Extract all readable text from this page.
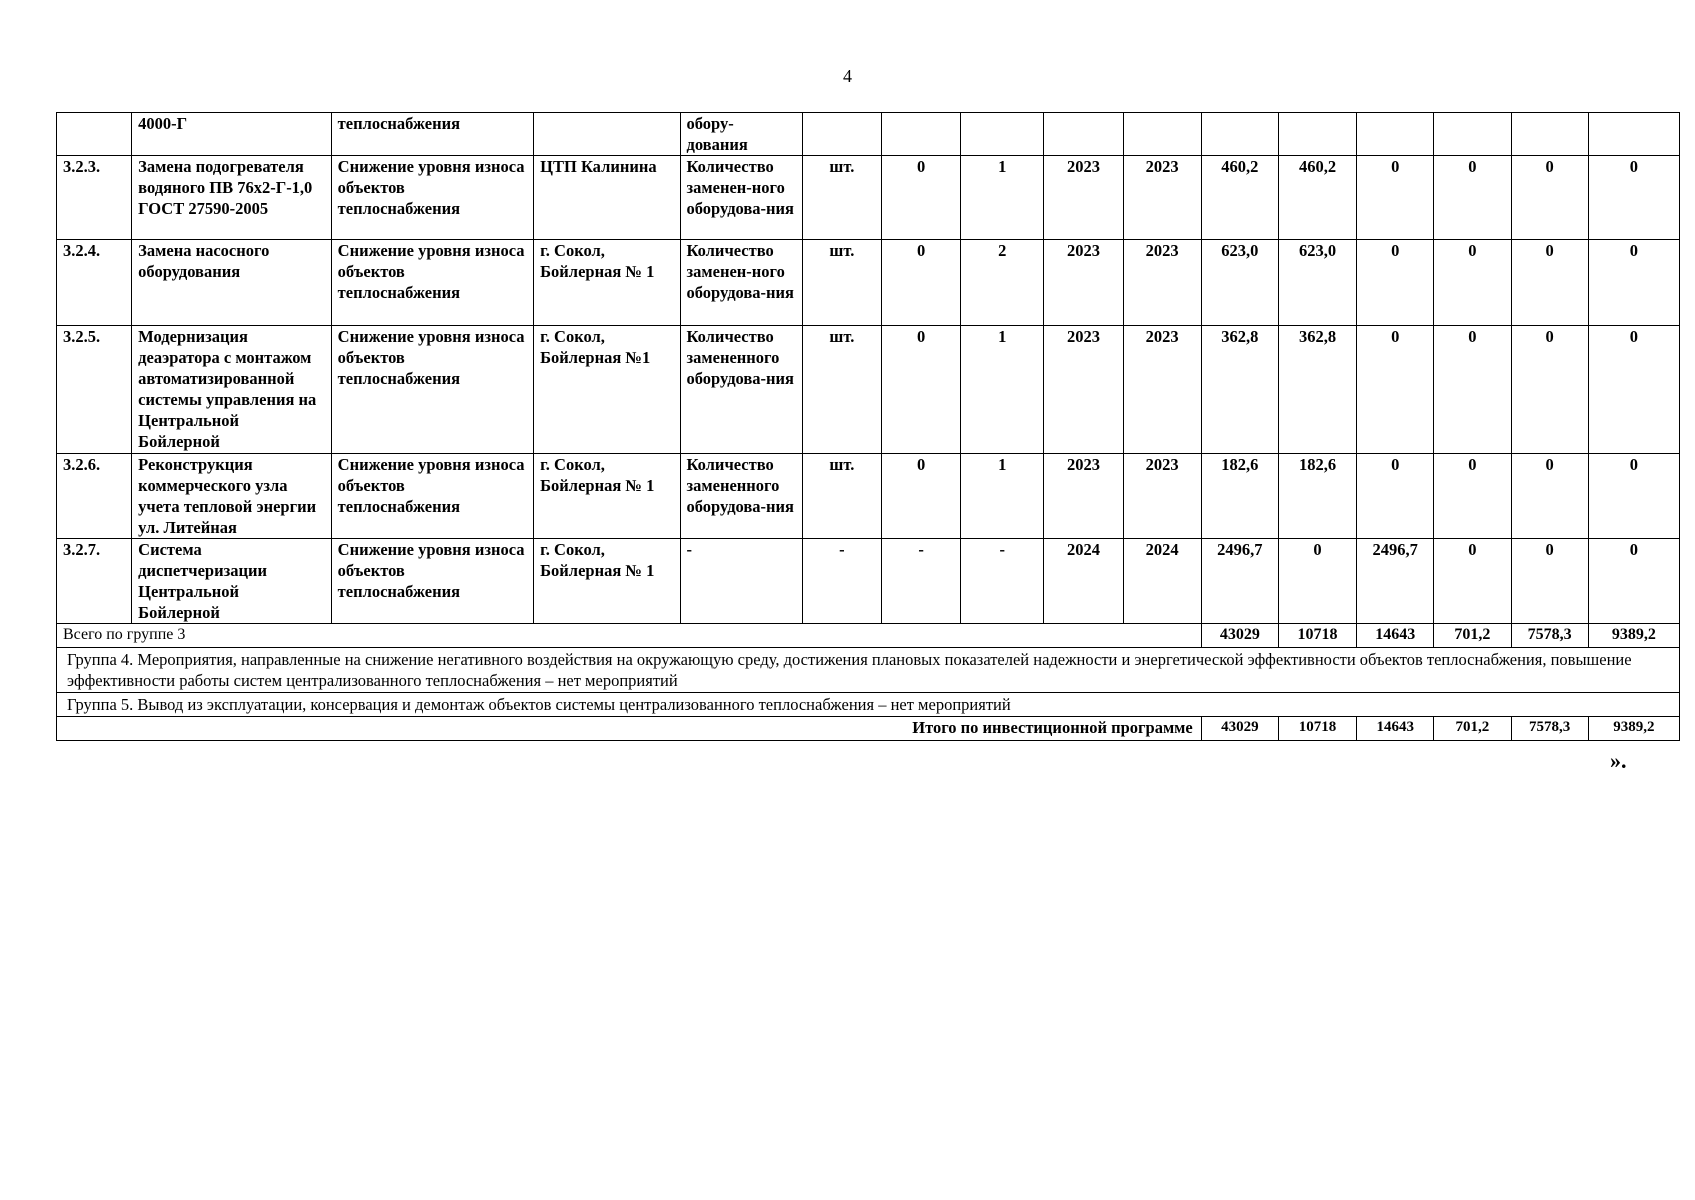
4
	4000-Г	теплоснабжения		обору-
дования											
3.2.3.	Замена подогревателя водяного ПВ 76х2-Г-1,0 ГОСТ 27590-2005	Снижение уровня износа объектов теплоснабжения	ЦТП Калинина	Количество заменен-ного оборудова-ния	шт.	0	1	2023	2023	460,2	460,2	0	0	0	0
3.2.4.	Замена насосного оборудования	Снижение уровня износа объектов теплоснабжения	г. Сокол, Бойлерная № 1	Количество заменен-ного оборудова-ния	шт.	0	2	2023	2023	623,0	623,0	0	0	0	0
3.2.5.	Модернизация деаэратора с монтажом автоматизированной системы управления на Центральной Бойлерной	Снижение уровня износа объектов теплоснабжения	г. Сокол, Бойлерная №1	Количество замененного оборудова-ния	шт.	0	1	2023	2023	362,8	362,8	0	0	0	0
3.2.6.	Реконструкция коммерческого узла учета тепловой энергии ул. Литейная	Снижение уровня износа объектов теплоснабжения	г. Сокол, Бойлерная № 1	Количество замененного оборудова-ния	шт.	0	1	2023	2023	182,6	182,6	0	0	0	0
3.2.7.	Система диспетчеризации Центральной Бойлерной	Снижение уровня износа объектов теплоснабжения	г. Сокол, Бойлерная № 1	-	-	-	-	2024	2024	2496,7	0	2496,7	0	0	0
Всего по группе 3										43029	10718	14643	701,2	7578,3	9389,2
Группа 4. Мероприятия, направленные на снижение негативного воздействия на окружающую среду, достижения плановых показателей надежности и энергетической эффективности объектов теплоснабжения, повышение эффективности работы систем централизованного теплоснабжения – нет мероприятий															
Группа 5. Вывод из эксплуатации, консервация и демонтаж объектов системы централизованного теплоснабжения – нет мероприятий															
Итого по инвестиционной программе										43029	10718	14643	701,2	7578,3	9389,2
».
